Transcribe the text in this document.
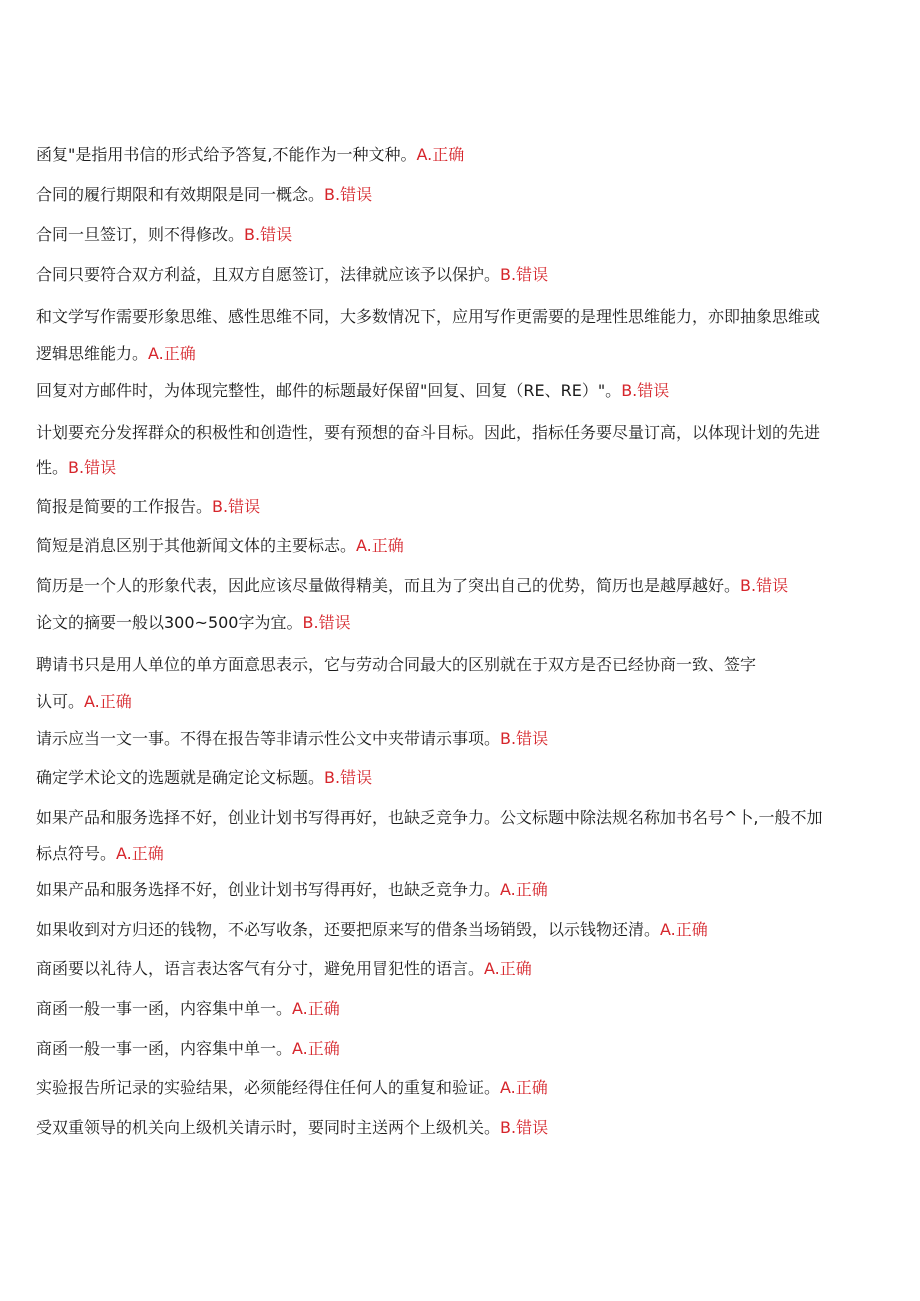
函复"是指用书信的形式给予答复,不能作为一种文种。A.正确
合同的履行期限和有效期限是同一概念。B.错误
合同一旦签订，则不得修改。B.错误
合同只要符合双方利益，且双方自愿签订，法律就应该予以保护。B.错误
和文学写作需要形象思维、感性思维不同，大多数情况下，应用写作更需要的是理性思维能力，亦即抽象思维或
逻辑思维能力。A.正确
回复对方邮件时，为体现完整性，邮件的标题最好保留"回复、回复（RE、RE）"。B.错误
计划要充分发挥群众的积极性和创造性，要有预想的奋斗目标。因此，指标任务要尽量订高，以体现计划的先进
性。B.错误
简报是简要的工作报告。B.错误
简短是消息区别于其他新闻文体的主要标志。A.正确
简历是一个人的形象代表，因此应该尽量做得精美，而且为了突出自己的优势，简历也是越厚越好。B.错误
论文的摘要一般以300~500字为宜。B.错误
聘请书只是用人单位的单方面意思表示，它与劳动合同最大的区别就在于双方是否已经协商一致、签字
认可。A.正确
请示应当一文一事。不得在报告等非请示性公文中夹带请示事项。B.错误
确定学术论文的选题就是确定论文标题。B.错误
如果产品和服务选择不好，创业计划书写得再好，也缺乏竞争力。公文标题中除法规名称加书名号^卜,一般不加
标点符号。A.正确
如果产品和服务选择不好，创业计划书写得再好，也缺乏竞争力。A.正确
如果收到对方归还的钱物，不必写收条，还要把原来写的借条当场销毁，以示钱物还清。A.正确
商函要以礼待人，语言表达客气有分寸，避免用冒犯性的语言。A.正确
商函一般一事一函，内容集中单一。A.正确
商函一般一事一函，内容集中单一。A.正确
实验报告所记录的实验结果，必须能经得住任何人的重复和验证。A.正确
受双重领导的机关向上级机关请示时，要同时主送两个上级机关。B.错误
